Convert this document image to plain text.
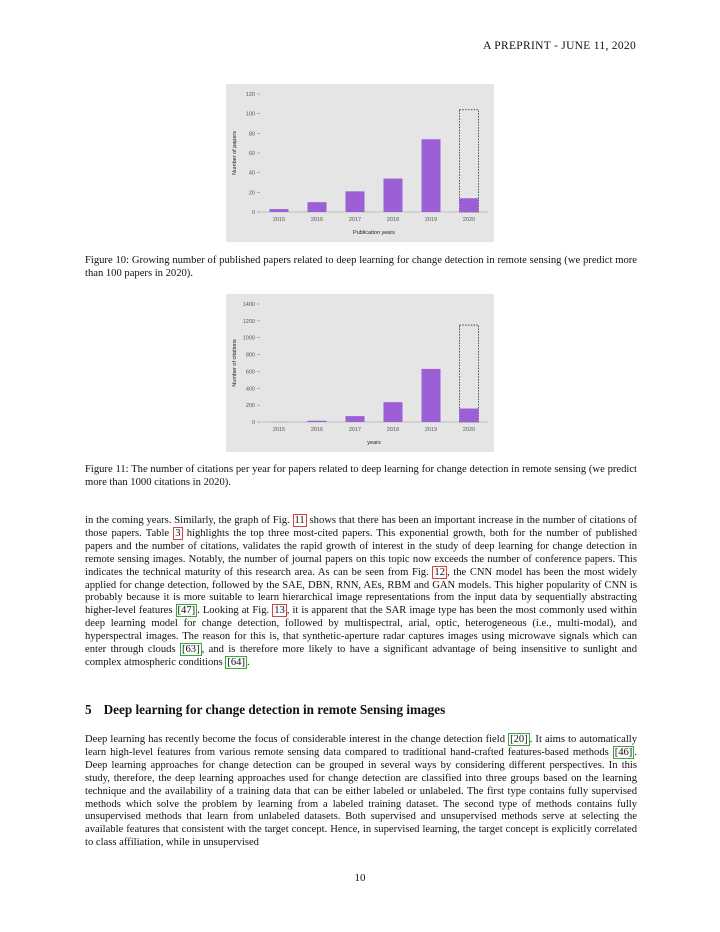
A PREPRINT - JUNE 11, 2020
0
20
40
60
80
100
120
2015	2016	2017	2018	2019	2020
Publication years
Number of papers
Figure 10: Growing number of published papers related to deep learning for change detection in remote sensing (we predict more than 100 papers in 2020).
0
200
400
600
800
1000
1200
1400
2015	2016	2017	2018	2019	2020
years
Number of citations
Figure 11: The number of citations per year for papers related to deep learning for change detection in remote sensing (we predict more than 1000 citations in 2020).

in the coming years. Similarly, the graph of Fig. 11 shows that there has been an important increase in the number of citations of those papers. Table 3 highlights the top three most-cited papers. This exponential growth, both for the number of published papers and the number of citations, validates the rapid growth of interest in the study of deep learning for change detection in remote sensing images. Notably, the number of journal papers on this topic now exceeds the number of conference papers. This indicates the technical maturity of this research area. As can be seen from Fig. 12 , the CNN model has been the most widely applied for change detection, followed by the SAE, DBN, RNN, AEs, RBM and GAN models. This higher popularity of CNN is probably because it is more suitable to learn hierarchical image representations from the input data by sequentially abstracting higher-level features [47] . Looking at Fig. 13 , it is apparent that the SAR image type has been the most commonly used within deep learning model for change detection, followed by multispectral, arial, optic, heterogeneous (i.e., multi-modal), and hyperspectral images. The reason for this is, that synthetic-aperture radar captures images using microwave signals which can enter through clouds [63] , and is therefore more likely to have a significant advantage of being insensitive to sunlight and complex atmospheric conditions [64] .

5 Deep learning for change detection in remote Sensing images

Deep learning has recently become the focus of considerable interest in the change detection field [20] . It aims to automatically learn high-level features from various remote sensing data compared to traditional hand-crafted features-based methods [46] . Deep learning approaches for change detection can be grouped in several ways by considering different perspectives. In this study, therefore, the deep learning approaches used for change detection are classified into three groups based on the learning technique and the availability of a training data that can be either labeled or unlabeled. The first type contains fully supervised methods which solve the problem by learning from a labeled training dataset. The second type of methods contains fully unsupervised methods that learn from unlabeled datasets. Both supervised and unsupervised methods serve at selecting the available features that consistent with the target concept. Hence, in supervised learning, the target concept is explicitly correlated to class affiliation, while in unsupervised

10
